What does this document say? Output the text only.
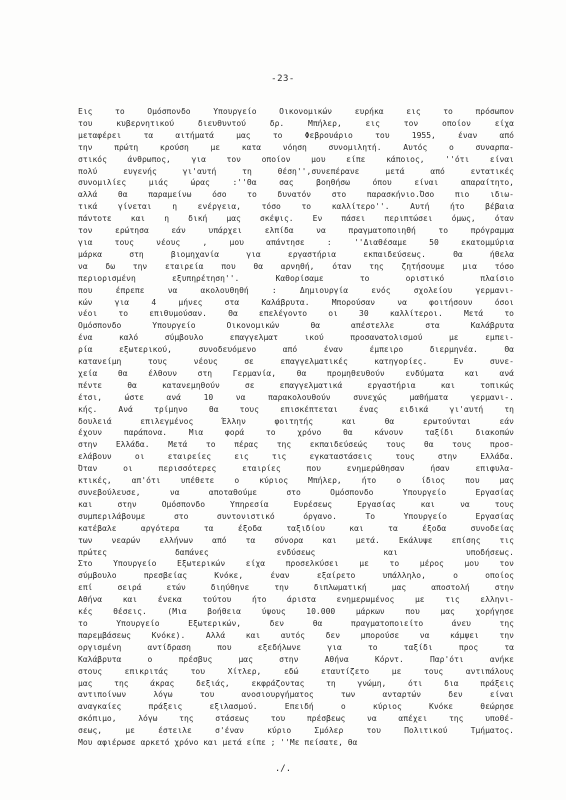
-23-
Εις το Ομόσπονδο Υπουργείο Οικονομικών ευρήκα εις το πρόσωπον
του κυβερνητικού διευθυντού δρ. Μπήλερ, εις τον οποίον είχα
μεταφέρει τα αιτήματά μας το Φεβρουάριο του 1955, έναν από
την πρώτη κρούση με κατα νόηση συνομιλητή. Αυτός ο συναρπα-
στικός άνθρωπος, για τον οποίον μου είπε κάποιος, ''ότι είναι
πολύ ευγενής γι'αυτή τη θέση'',συνεπέρανε μετά από εντατικές
συνομιλίες μιάς ώρας :''Θα σας βοηθήσω όπου είναι απαραίτητο,
αλλά θα παραμείνω όσο το δυνατόν στο παρασκήνιο.Όσο πιο ιδιω-
τικά γίνεται η ενέργεια, τόσο το καλλίτερο''. Αυτή ήτο βέβαια
πάντοτε και η δική μας σκέψις. Εν πάσει περιπτώσει όμως, όταν
τον ερώτησα εάν υπάρχει ελπίδα να πραγματοποιηθή το πρόγραμμα
για τους νέους , μου απάντησε : ''Διαθέσαμε 50 εκατομμύρια
μάρκα στη βιομηχανία για εργαστήρια εκπαιδεύσεως. Θα ήθελα
να δω την εταιρεία που θα αρνηθή, όταν της ζητήσουμε μια τόσο
περιορισμένη εξυπηρέτηση''. Καθορίσαμε το οριστικό πλαίσιο
που έπρεπε να ακολουθηθή : Δημιουργία ενός σχολείου γερμανι-
κών για 4 μήνες στα Καλάβρυτα. Μπορούσαν να φοιτήσουν όσοι
νέοι το επιθυμούσαν. Θα επελέγοντο οι 30 καλλίτεροι. Μετά το
Ομόσπονδο Υπουργείο Οικονομικών θα απέστελλε στα Καλάβρυτα
ένα καλό σύμβουλο επαγγελματ ικού προσανατολισμού με εμπει-
ρία εξωτερικού, συνοδευόμενο από έναν έμπειρο διερμηνέα. Θα
κατανείμη τους νέους σε επαγγελματικές κατηγορίες. Εν συνε-
χεία θα έλθουν στη Γερμανία, θα προμηθευθούν ενδύματα και ανά
πέντε θα κατανεμηθούν σε επαγγελματικά εργαστήρια και τοπικώς
έτσι, ώστε ανά 10 να παρακολουθούν συνεχώς μαθήματα γερμανι-.
κής. Ανά τρίμηνο θα τους επισκέπτεται ένας ειδικά γι'αυτή τη
δουλειά επιλεγμένος Έλλην φοιτητής και θα ερωτούνται εάν
έχουν παράπονα. Μια φορά το χρόνο θα κάνουν ταξίδι διακοπών
στην Ελλάδα. Μετά το πέρας της εκπαιδεύσεώς τους θα τους προσ-
ελάβουν οι εταιρείες εις τις εγκαταστάσεις τους στην Ελλάδα.
Όταν οι περισσότερες εταιρίες που ενημερώθησαν ήσαν επιφυλα-
κτικές, απ'ότι υπέθετε ο κύριος Μπήλερ, ήτο ο ίδιος που μας
συνεβούλευσε, να αποταθούμε στο Ομόσπονδο Υπουργείο Εργασίας
και στην Ομόσπονδο Υπηρεσία Ευρέσεως Εργασίας και να τους
συμπεριλάβουμε στο συντονιστικό όργανο. Το Υπουργείο Εργασίας
κατέβαλε αργότερα τα έξοδα ταξιδίου και τα έξοδα συνοδείας
των νεαρών ελλήνων από τα σύνορα και μετά. Εκάλυψε επίσης τις
πρώτες δαπάνες ενδύσεως και υποδήσεως.
Στο Υπουργείο Εξωτερικών είχα προσελκύσει με το μέρος μου τον
σύμβουλο πρεσβείας Κνόκε, έναν εξαίρετο υπάλληλο, ο οποίος
επί σειρά ετών διηύθηνε την διπλωματική μας αποστολή στην
Αθήνα και ένεκα τούτου ήτο άριστα ενημερωμένος με τις ελληνι-
κές θέσεις. (Μια βοήθεια ύψους 10.000 μάρκων που μας χορήγησε
το Υπουργείο Εξωτερικών, δεν θα πραγματοποιείτο άνευ της
παρεμβάσεως Κνόκε). Αλλά και αυτός δεν μπορούσε να κάμψει την
οργισμένη αντίδραση που εξεδήλωνε για το ταξίδι προς τα
Καλάβρυτα ο πρέσβυς μας στην Αθήνα Κόρντ. Παρ'ότι ανήκε
στους επικριτάς του Χίτλερ, εδώ εταυτίζετο με τους αντιπάλους
μας της άκρας δεξιάς, εκφράζοντας τη γνώμη, ότι δια πράξεις
αντιποίνων λόγω του ανοσιουργήματος των ανταρτών δεν είναι
αναγκαίες πράξεις εξιλασμού. Επειδή ο κύριος Κνόκε θεώρησε
σκόπιμο, λόγω της στάσεως του πρέσβεως να απέχει της υποθέ-
σεως, με έστειλε σ'έναν κύριο Σμόλερ του Πολιτικού Τμήματος.
Μου αφιέρωσε αρκετό χρόνο και μετά είπε ; ''Με πείσατε, θα
./.
